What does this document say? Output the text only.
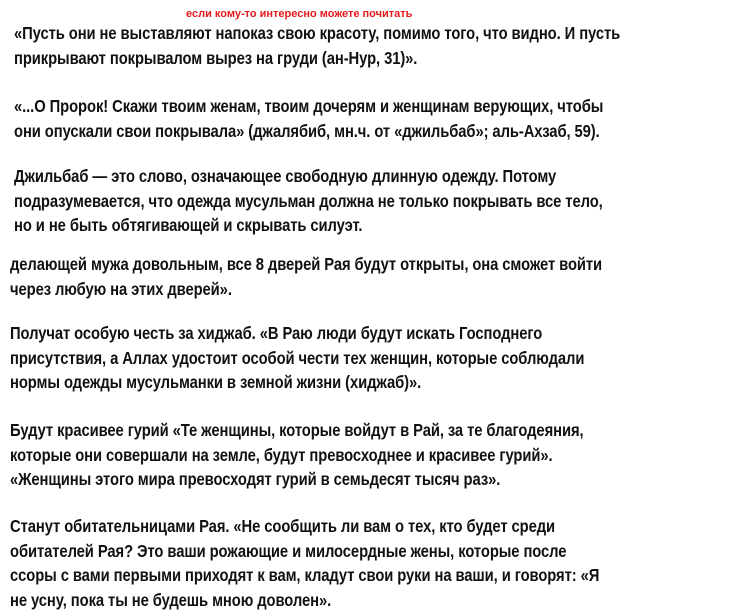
если кому-то интересно можете почитать
«Пусть они не выставляют напоказ свою красоту, помимо того, что видно. И пусть
прикрывают покрывалом вырез на груди (ан-Нур, 31)».
«...О Пророк! Скажи твоим женам, твоим дочерям и женщинам верующих, чтобы
они опускали свои покрывала» (джалябиб, мн.ч. от «джильбаб»; аль-Ахзаб, 59).
Джильбаб — это слово, означающее свободную длинную одежду. Потому
подразумевается, что одежда мусульман должна не только покрывать все тело,
но и не быть обтягивающей и скрывать силуэт.
делающей мужа довольным, все 8 дверей Рая будут открыты, она сможет войти
через любую на этих дверей».
Получат особую честь за хиджаб. «В Раю люди будут искать Господнего
присутствия, а Аллах удостоит особой чести тех женщин, которые соблюдали
нормы одежды мусульманки в земной жизни (хиджаб)».
Будут красивее гурий «Те женщины, которые войдут в Рай, за те благодеяния,
которые они совершали на земле, будут превосходнее и красивее гурий».
«Женщины этого мира превосходят гурий в семьдесят тысяч раз».
Станут обитательницами Рая. «Не сообщить ли вам о тех, кто будет среди
обитателей Рая? Это ваши рожающие и милосердные жены, которые после
ссоры с вами первыми приходят к вам, кладут свои руки на ваши, и говорят: «Я
не усну, пока ты не будешь мною доволен».
